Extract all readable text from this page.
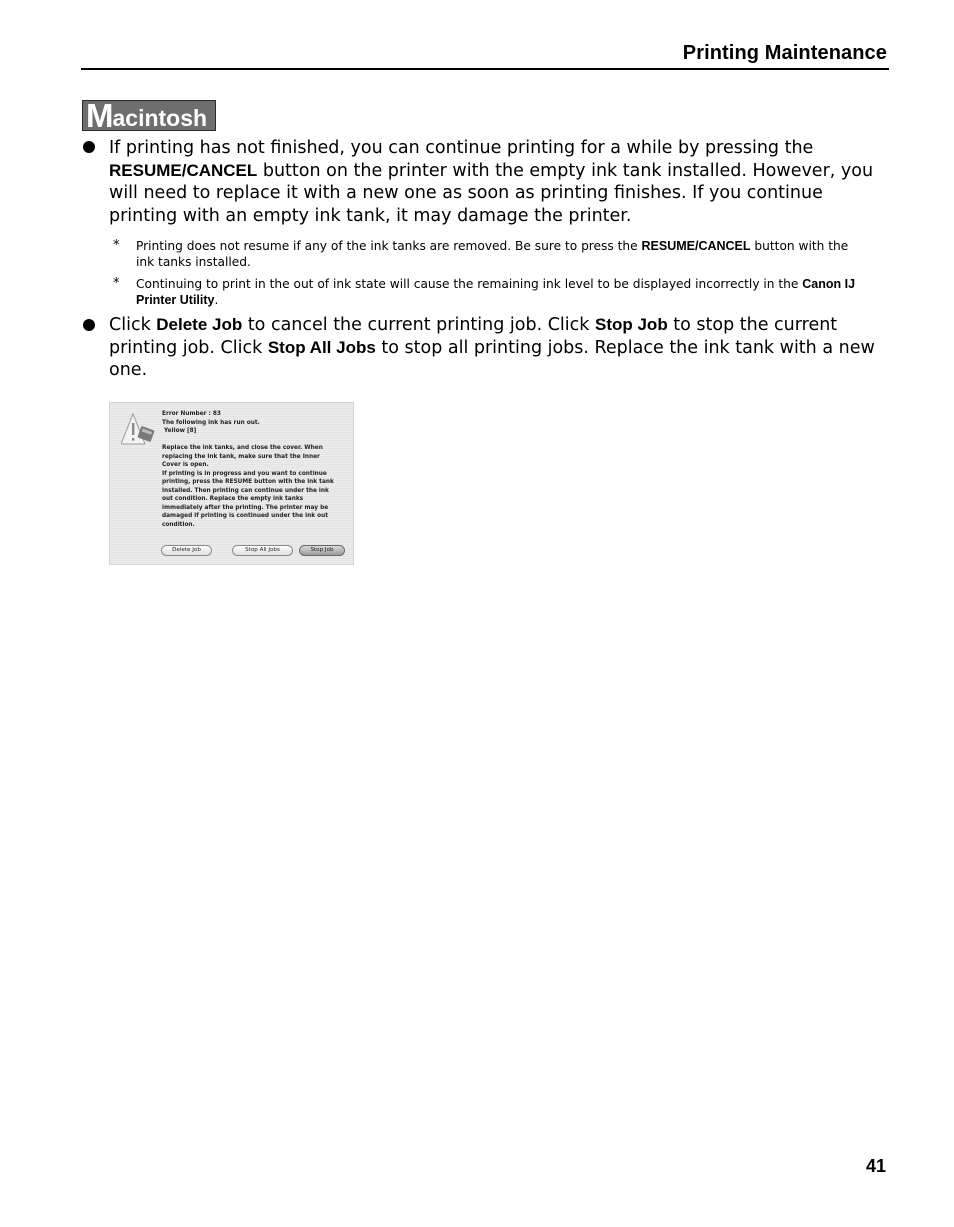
Printing Maintenance
Macintosh
If printing has not finished, you can continue printing for a while by pressing the
RESUME/CANCEL button on the printer with the empty ink tank installed. However, you
will need to replace it with a new one as soon as printing finishes. If you continue
printing with an empty ink tank, it may damage the printer.
* Printing does not resume if any of the ink tanks are removed. Be sure to press the RESUME/CANCEL button with the
ink tanks installed.
* Continuing to print in the out of ink state will cause the remaining ink level to be displayed incorrectly in the Canon IJ
Printer Utility.
Click Delete Job to cancel the current printing job. Click Stop Job to stop the current
printing job. Click Stop All Jobs to stop all printing jobs. Replace the ink tank with a new
one.
Error Number : 83
The following ink has run out.
Yellow [8]
Replace the ink tanks, and close the cover. When
replacing the ink tank, make sure that the Inner
Cover is open.
If printing is in progress and you want to continue
printing, press the RESUME button with the ink tank
installed. Then printing can continue under the ink
out condition. Replace the empty ink tanks
immediately after the printing. The printer may be
damaged if printing is continued under the ink out
condition.
Delete Job	Stop All Jobs	Stop Job
41
